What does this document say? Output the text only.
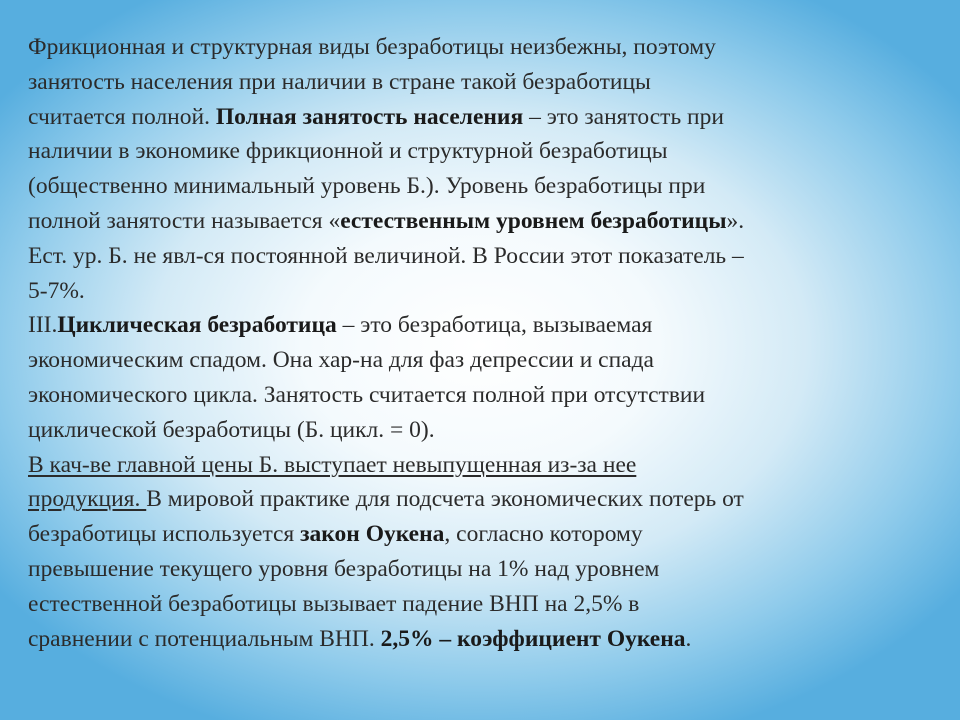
Фрикционная и структурная виды безработицы неизбежны, поэтому
занятость населения при наличии в стране такой безработицы
считается полной. Полная занятость населения – это занятость при
наличии в экономике фрикционной и структурной безработицы
(общественно минимальный уровень Б.). Уровень безработицы при
полной занятости называется «естественным уровнем безработицы».
Ест. ур. Б. не явл-ся постоянной величиной. В России этот показатель –
5-7%.
III.Циклическая безработица – это безработица, вызываемая
экономическим спадом. Она хар-на для фаз депрессии и спада
экономического цикла. Занятость считается полной при отсутствии
циклической безработицы (Б. цикл. = 0).
В кач-ве главной цены Б. выступает невыпущенная из-за нее
продукция. В мировой практике для подсчета экономических потерь от
безработицы используется закон Оукена, согласно которому
превышение текущего уровня безработицы на 1% над уровнем
естественной безработицы вызывает падение ВНП на 2,5% в
сравнении с потенциальным ВНП. 2,5% – коэффициент Оукена.
